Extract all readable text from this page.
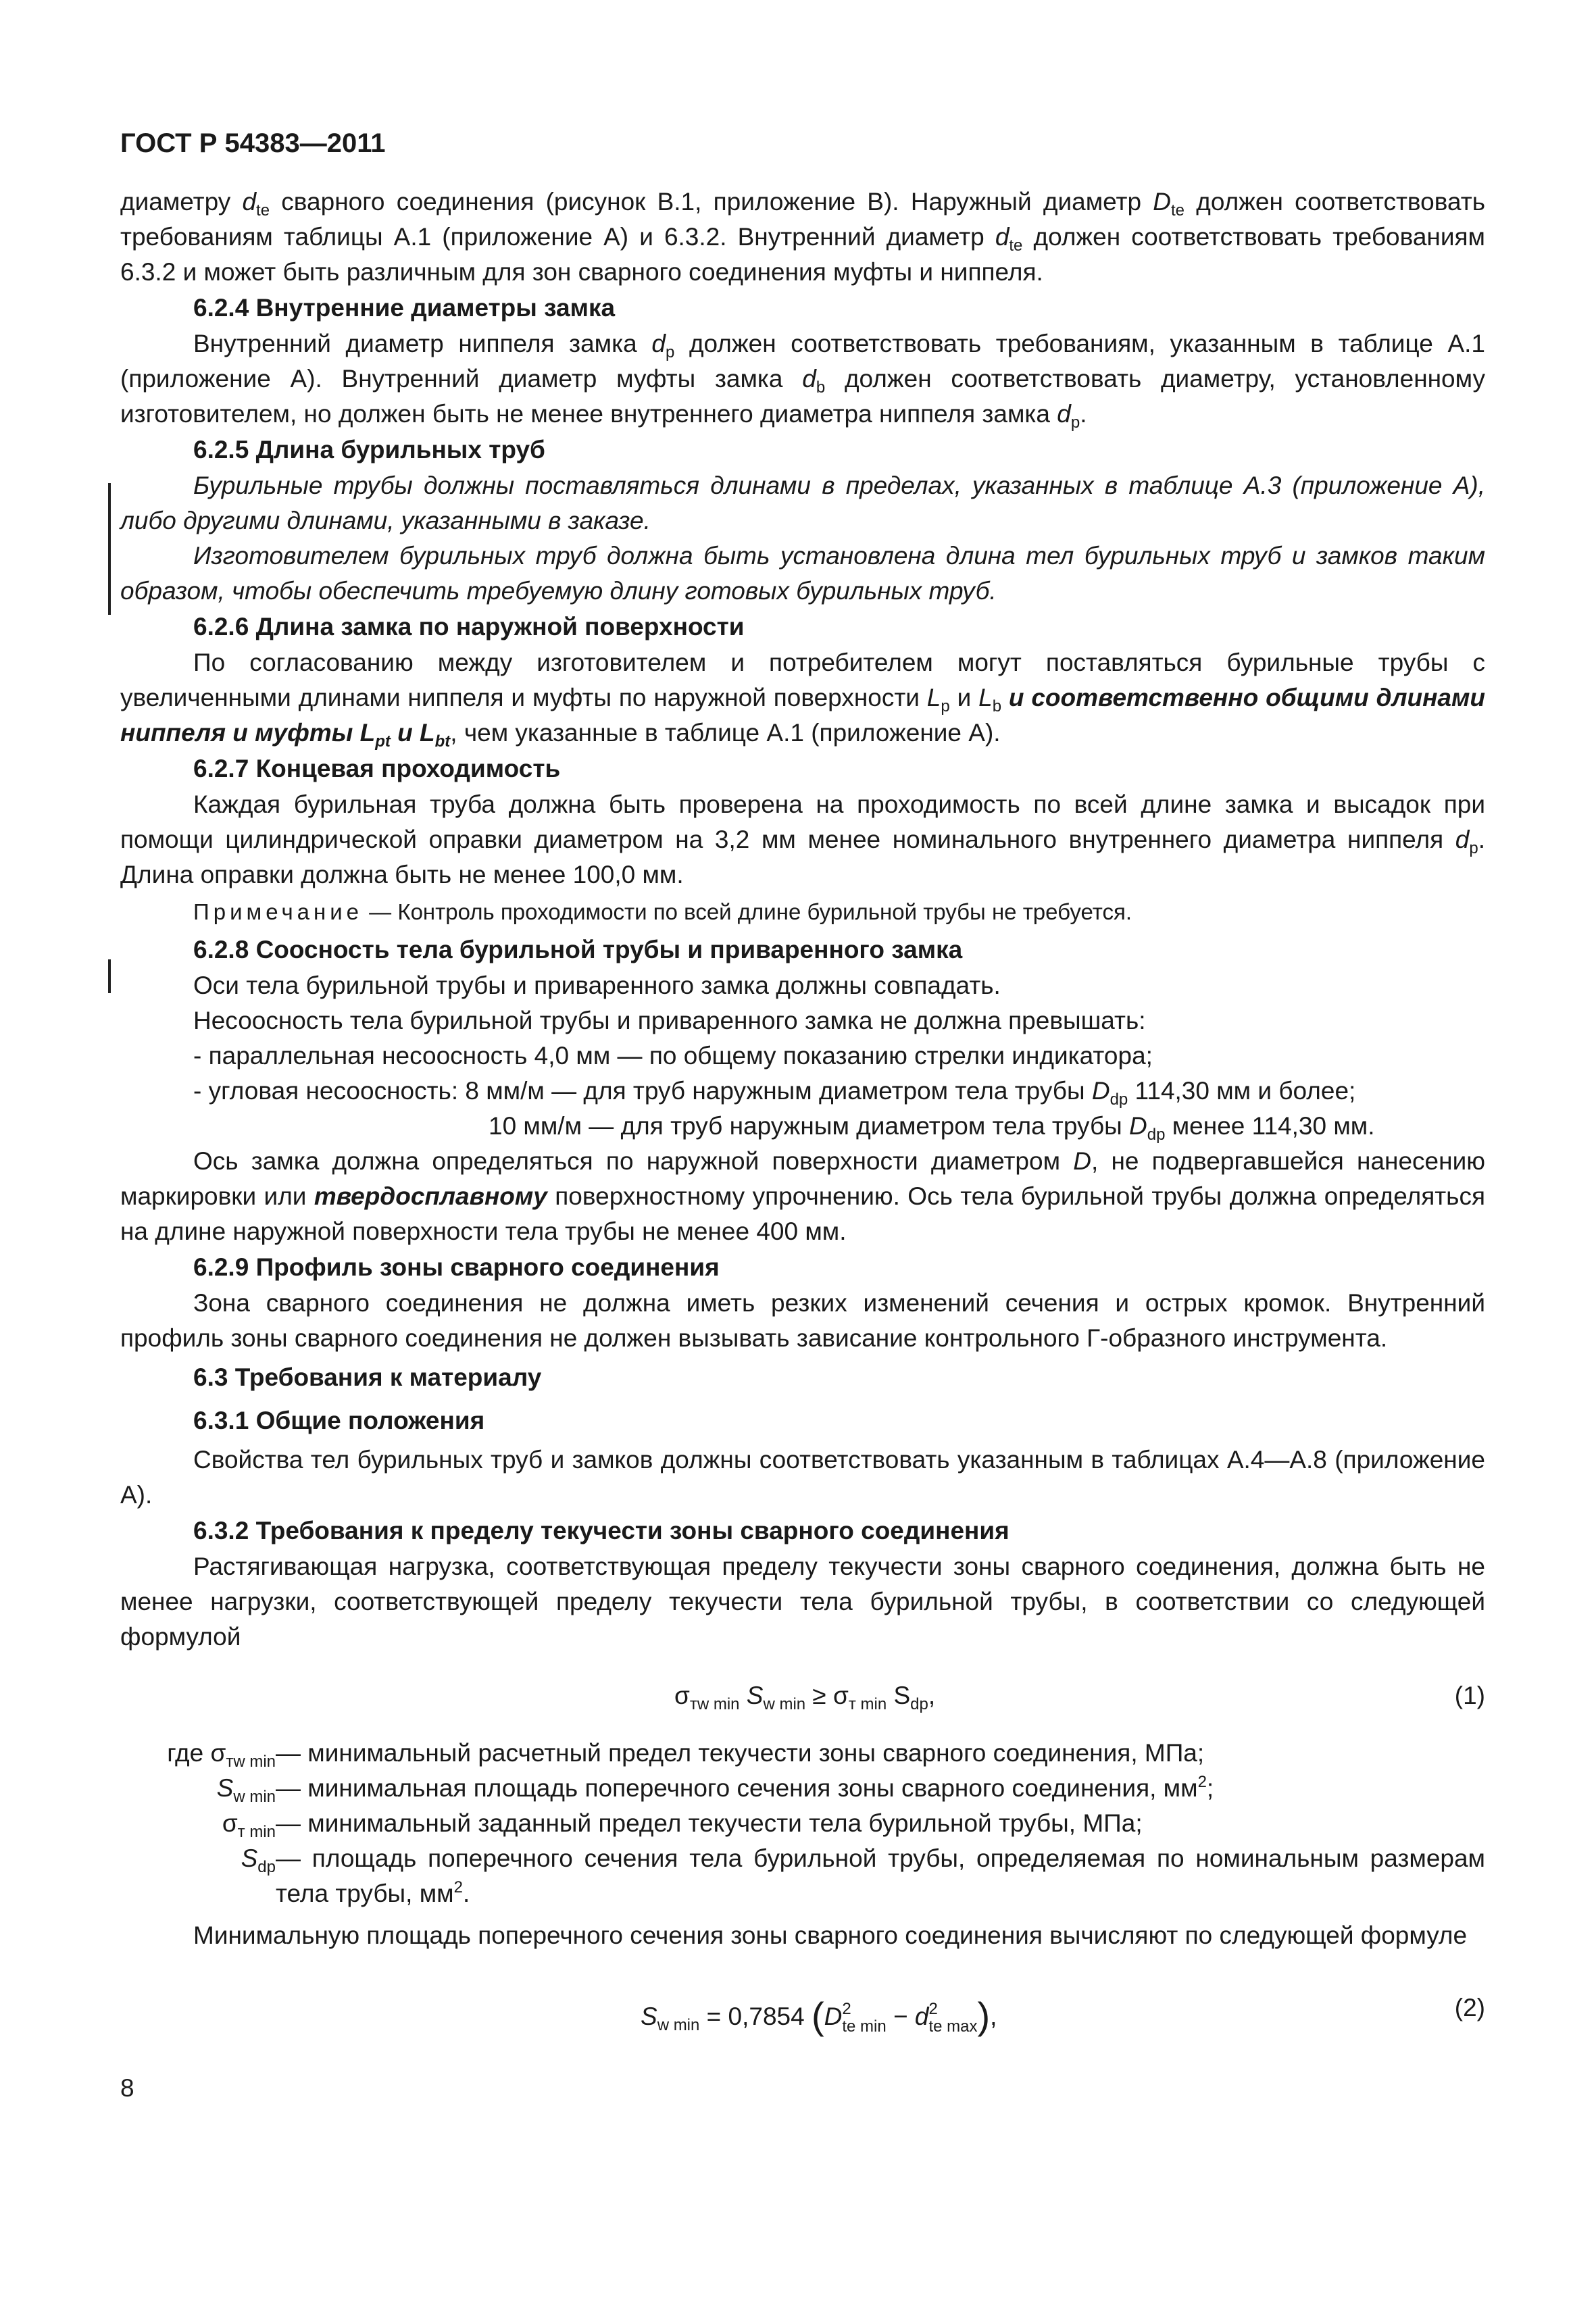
ГОСТ Р 54383—2011

диаметру $d_{te}$ сварного соединения (рисунок В.1, приложение В). Наружный диаметр $D_{te}$ должен соответствовать требованиям таблицы А.1 (приложение А) и 6.3.2. Внутренний диаметр $d_{te}$ должен соответствовать требованиям 6.3.2 и может быть различным для зон сварного соединения муфты и ниппеля.

6.2.4 Внутренние диаметры замка

Внутренний диаметр ниппеля замка $d_p$ должен соответствовать требованиям, указанным в таблице А.1 (приложение А). Внутренний диаметр муфты замка $d_b$ должен соответствовать диаметру, установленному изготовителем, но должен быть не менее внутреннего диаметра ниппеля замка $d_p$.

6.2.5 Длина бурильных труб

Бурильные трубы должны поставляться длинами в пределах, указанных в таблице А.3 (приложение А), либо другими длинами, указанными в заказе.

Изготовителем бурильных труб должна быть установлена длина тел бурильных труб и замков таким образом, чтобы обеспечить требуемую длину готовых бурильных труб.

6.2.6 Длина замка по наружной поверхности

По согласованию между изготовителем и потребителем могут поставляться бурильные трубы с увеличенными длинами ниппеля и муфты по наружной поверхности $L_p$ и $L_b$ и соответственно общими длинами ниппеля и муфты $L_{pt}$ и $L_{bt}$, чем указанные в таблице А.1 (приложение А).

6.2.7 Концевая проходимость

Каждая бурильная труба должна быть проверена на проходимость по всей длине замка и высадок при помощи цилиндрической оправки диаметром на 3,2 мм менее номинального внутреннего диаметра ниппеля $d_p$. Длина оправки должна быть не менее 100,0 мм.

Примечание — Контроль проходимости по всей длине бурильной трубы не требуется.

6.2.8 Соосность тела бурильной трубы и приваренного замка

Оси тела бурильной трубы и приваренного замка должны совпадать.

Несоосность тела бурильной трубы и приваренного замка не должна превышать:

- параллельная несоосность 4,0 мм — по общему показанию стрелки индикатора;

- угловая несоосность: 8 мм/м — для труб наружным диаметром тела трубы $D_{dp}$ 114,30 мм и более;

10 мм/м — для труб наружным диаметром тела трубы $D_{dp}$ менее 114,30 мм.

Ось замка должна определяться по наружной поверхности диаметром D, не подвергавшейся нанесению маркировки или твердосплавному поверхностному упрочнению. Ось тела бурильной трубы должна определяться на длине наружной поверхности тела трубы не менее 400 мм.

6.2.9 Профиль зоны сварного соединения

Зона сварного соединения не должна иметь резких изменений сечения и острых кромок. Внутренний профиль зоны сварного соединения не должен вызывать зависание контрольного Г-образного инструмента.

6.3 Требования к материалу
6.3.1 Общие положения

Свойства тел бурильных труб и замков должны соответствовать указанным в таблицах А.4—А.8 (приложение А).

6.3.2 Требования к пределу текучести зоны сварного соединения

Растягивающая нагрузка, соответствующая пределу текучести зоны сварного соединения, должна быть не менее нагрузки, соответствующей пределу текучести тела бурильной трубы, в соответствии со следующей формулой

$\sigma_{тw min}$ $S_{w min} \ge \sigma_{т min}$ $S_{dp}$,	(1)
где $\sigma_{тw min}$ — минимальный расчетный предел текучести зоны сварного соединения, МПа;
$S_{w min}$ — минимальная площадь поперечного сечения зоны сварного соединения, $мм^2$;
$\sigma_{т min}$ — минимальный заданный предел текучести тела бурильной трубы, МПа;
$S_{dp}$ — площадь поперечного сечения тела бурильной трубы, определяемая по номинальным размерам тела трубы, $мм^2$.

Минимальную площадь поперечного сечения зоны сварного соединения вычисляют по следующей формуле

$S_{w min} = 0,7854$ (D 2
te min − d 2
te max ),	(2)
8
